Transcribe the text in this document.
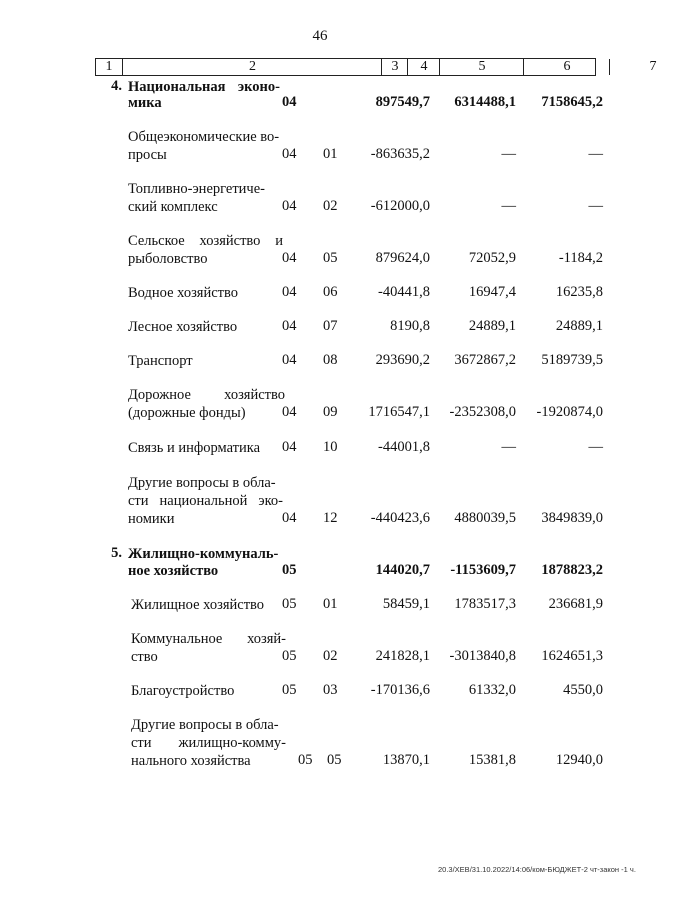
46
1	2	3	4	5	6	7
4. Национальная эконо-
мика	04	897549,7 6314488,1 7158645,2
Общеэкономические во-
просы	04 01 -863635,2	—	—
Топливно-энергетиче-
ский комплекс	04 02 -612000,0	—	—
Сельское хозяйство и
рыболовство	04 05	879624,0	72052,9	-1184,2
Водное хозяйство	04 06	-40441,8	16947,4	16235,8
Лесное хозяйство	04 07	8190,8	24889,1	24889,1
Транспорт	04 08	293690,2 3672867,2 5189739,5
Дорожное хозяйство
(дорожные фонды)	04 09 1716547,1 -2352308,0 -1920874,0
Связь и информатика 04 10	-44001,8	—	—
Другие вопросы в обла-
сти национальной эко-
номики	04 12 -440423,6 4880039,5 3849839,0
5. Жилищно-коммуналь-
ное хозяйство	05	144020,7 -1153609,7 1878823,2
Жилищное хозяйство 05 01	58459,1 1783517,3 236681,9
Коммунальное хозяй-
ство	05 02	241828,1 -3013840,8 1624651,3
Благоустройство	05 03 -170136,6	61332,0	4550,0
Другие вопросы в обла-
сти жилищно-комму-
нального хозяйства	05 05	13870,1	15381,8	12940,0
20.3/XEB/31.10.2022/14:06/ком-БЮДЖЕТ-2 чт-закон -1 ч.
